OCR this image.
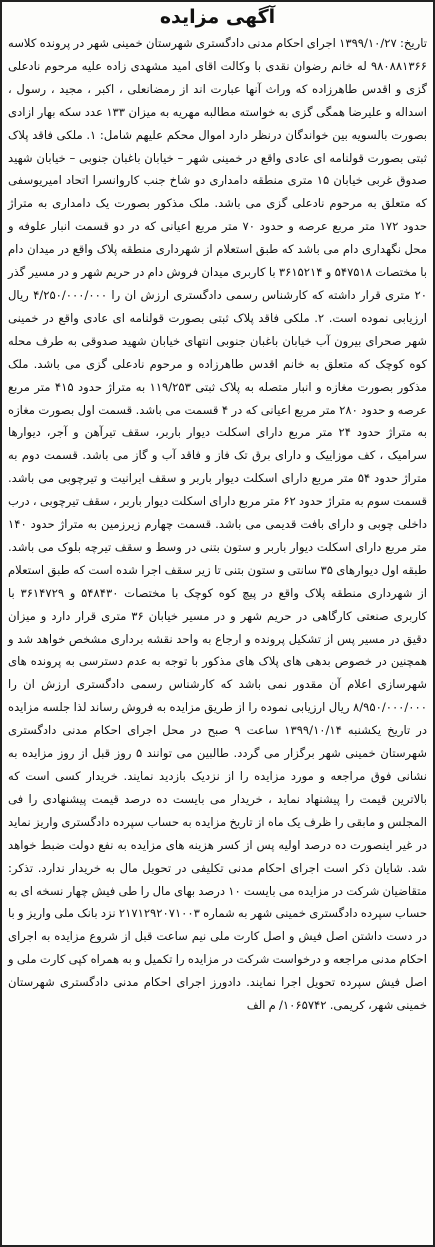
آگهی مزایده

تاریخ: ۱۳۹۹/۱۰/۲۷ اجرای احکام مدنی دادگستری شهرستان خمینی شهر در پرونده کلاسه ۹۸۰۸۸۱۳۶۶ له خانم رضوان نقدی با وکالت اقای امید مشهدی زاده علیه مرحوم نادعلی گزی و اقدس طاهرزاده که وراث آنها عبارت اند از رمضانعلی ، اکبر ، مجید ، رسول ، اسداله و علیرضا همگی گزی به خواسته مطالبه مهریه به میزان ۱۳۳ عدد سکه بهار ازادی بصورت بالسویه بین خواندگان درنظر دارد اموال محکم علیهم شامل: ۱. ملکی فاقد پلاک ثبتی بصورت قولنامه ای عادی واقع در خمینی شهر – خیابان باغبان جنوبی – خیابان شهید صدوق غربی خیابان ۱۵ متری منطقه دامداری دو شاخ جنب کاروانسرا اتحاد امیریوسفی که متعلق به مرحوم نادعلی گزی می باشد. ملک مذکور بصورت یک دامداری به متراژ حدود ۱۷۲ متر مربع عرصه و حدود ۷۰ متر مربع اعیانی که در دو قسمت انبار علوفه و محل نگهداری دام می باشد که طبق استعلام از شهرداری منطقه پلاک واقع در میدان دام با مختصات ۵۴۷۵۱۸ و ۳۶۱۵۲۱۴ با کاربری میدان فروش دام در حریم شهر و در مسیر گذر ۲۰ متری قرار داشته که کارشناس رسمی دادگستری ارزش ان را ۴/۲۵۰/۰۰۰/۰۰۰ ریال ارزیابی نموده است. ۲. ملکی فاقد پلاک ثبتی بصورت قولنامه ای عادی واقع در خمینی شهر صحرای بیرون آب خیابان باغبان جنوبی انتهای خیابان شهید صدوقی به طرف محله کوه کوچک که متعلق به خانم اقدس طاهرزاده و مرحوم نادعلی گزی می باشد. ملک مذکور بصورت مغازه و انبار متصله به پلاک ثبتی ۱۱۹/۲۵۳ به متراژ حدود ۴۱۵ متر مربع عرصه و حدود ۲۸۰ متر مربع اعیانی که در ۴ قسمت می باشد. قسمت اول بصورت مغازه به متراژ حدود ۲۴ متر مربع دارای اسکلت دیوار باربر، سقف تیرآهن و آجر، دیوارها سرامیک ، کف موزاییک و دارای برق تک فاز و فاقد آب و گاز می باشد. قسمت دوم به متراژ حدود ۵۴ متر مربع دارای اسکلت دیوار باربر و سقف ایرانیت و تیرچوبی می باشد. قسمت سوم به متراژ حدود ۶۲ متر مربع دارای اسکلت دیوار باربر ، سقف تیرچوبی ، درب داخلی چوبی و دارای بافت قدیمی می باشد. قسمت چهارم زیرزمین به متراژ حدود ۱۴۰ متر مربع دارای اسکلت دیوار باربر و ستون بتنی در وسط و سقف تیرچه بلوک می باشد. طبقه اول دیوارهای ۳۵ سانتی و ستون بتنی تا زیر سقف اجرا شده است که طبق استعلام از شهرداری منطقه پلاک واقع در پیچ کوه کوچک با مختصات ۵۴۸۴۳۰ و ۳۶۱۴۷۲۹ با کاربری صنعتی کارگاهی در حریم شهر و در مسیر خیابان ۳۶ متری قرار دارد و میزان دقیق در مسیر پس از تشکیل پرونده و ارجاع به واحد نقشه برداری مشخص خواهد شد و همچنین در خصوص بدهی های پلاک های مذکور با توجه به عدم دسترسی به پرونده های شهرسازی اعلام آن مقدور نمی باشد که کارشناس رسمی دادگستری ارزش ان را ۸/۹۵۰/۰۰۰/۰۰۰ ریال ارزیابی نموده را از طریق مزایده به فروش رساند لذا جلسه مزایده در تاریخ یکشنبه ۱۳۹۹/۱۰/۱۴ ساعت ۹ صبح در محل اجرای احکام مدنی دادگستری شهرستان خمینی شهر برگزار می گردد. طالبین می توانند ۵ روز قبل از روز مزایده به نشانی فوق مراجعه و مورد مزایده را از نزدیک بازدید نمایند. خریدار کسی است که بالاترین قیمت را پیشنهاد نماید ، خریدار می بایست ده درصد قیمت پیشنهادی را فی المجلس و مابقی را ظرف یک ماه از تاریخ مزایده به حساب سپرده دادگستری واریز نماید در غیر اینصورت ده درصد اولیه پس از کسر هزینه های مزایده به نفع دولت ضبط خواهد شد. شایان ذکر است اجرای احکام مدنی تکلیفی در تحویل مال به خریدار ندارد. تذکر: متقاضیان شرکت در مزایده می بایست ۱۰ درصد بهای مال را طی فیش چهار نسخه ای به حساب سپرده دادگستری خمینی شهر به شماره ۲۱۷۱۲۹۲۰۷۱۰۰۳ نزد بانک ملی واریز و با در دست داشتن اصل فیش و اصل کارت ملی نیم ساعت قبل از شروع مزایده به اجرای احکام مدنی مراجعه و درخواست شرکت در مزایده را تکمیل و به همراه کپی کارت ملی و اصل فیش سپرده تحویل اجرا نمایند. دادورز اجرای احکام مدنی دادگستری شهرستان خمینی شهر، کریمی. ۱۰۶۵۷۴۲/ م الف
